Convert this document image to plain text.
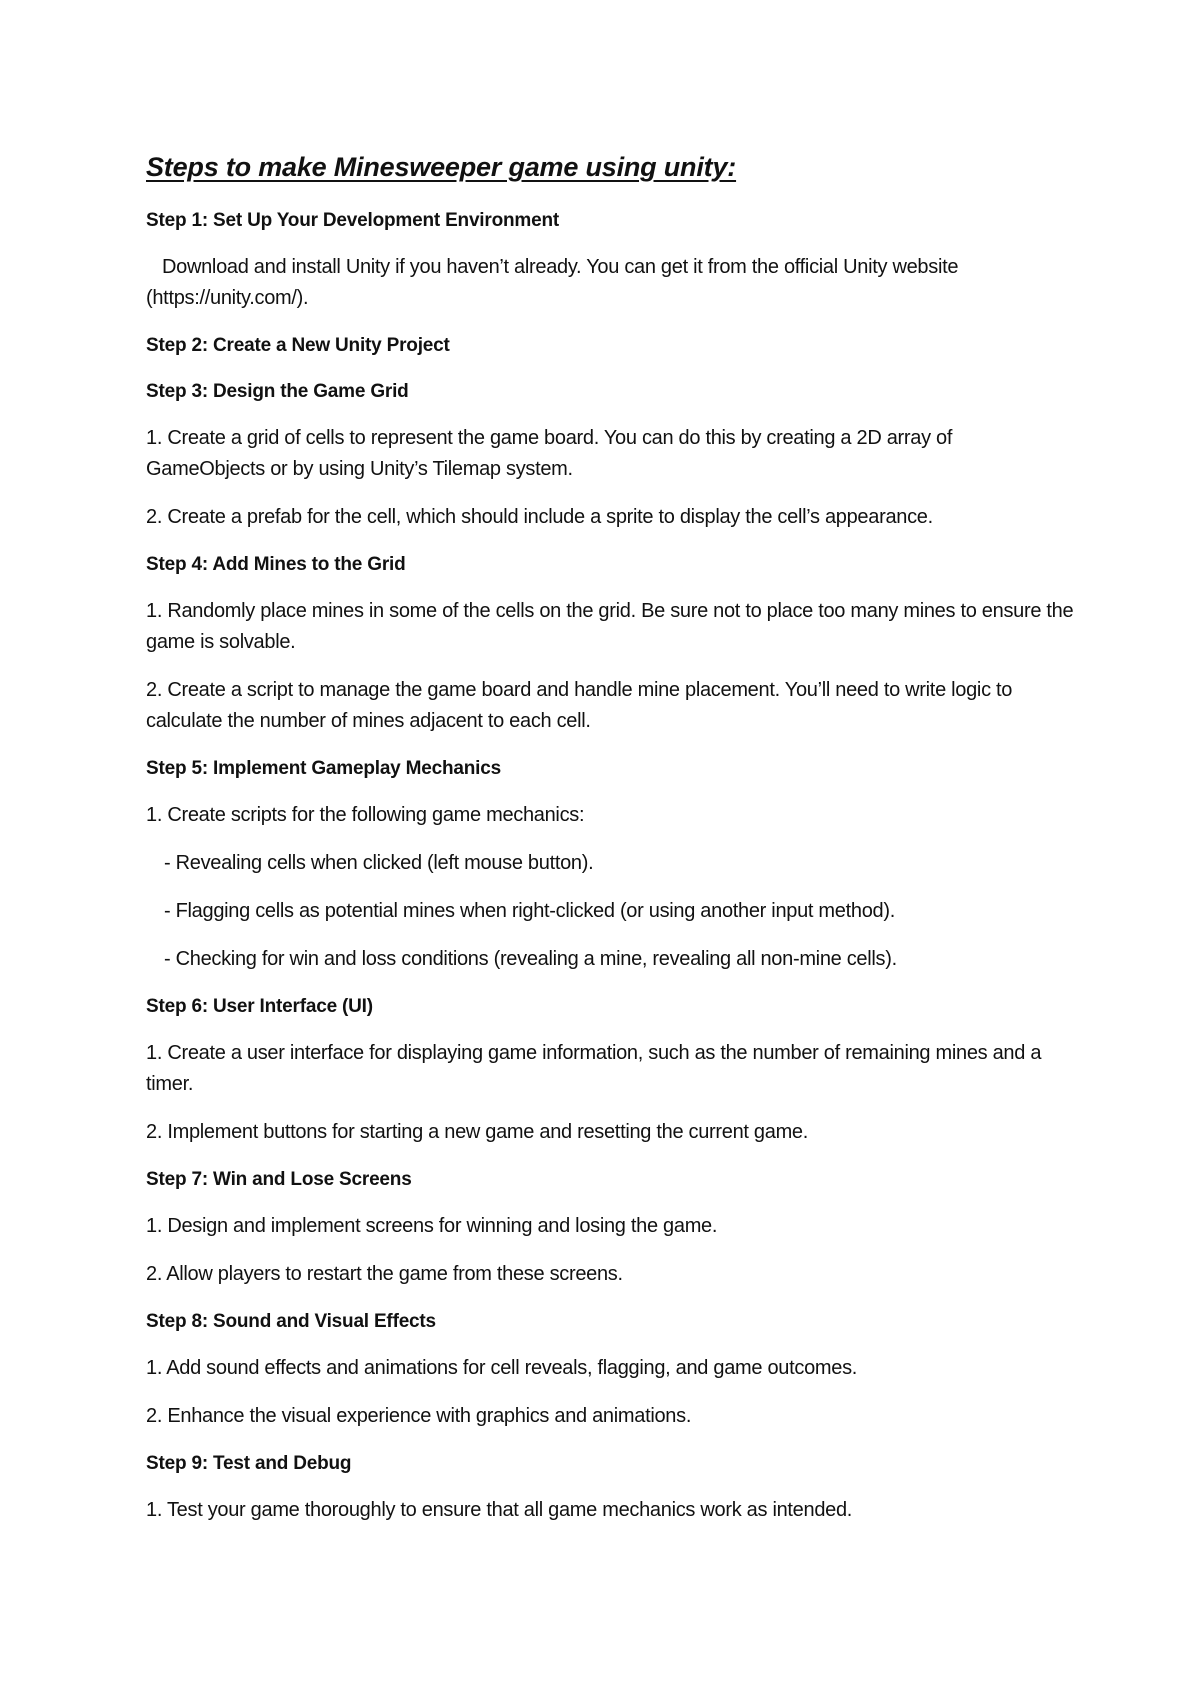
Steps to make Minesweeper game using unity:
Step 1: Set Up Your Development Environment
Download and install Unity if you haven’t already. You can get it from the official Unity website (https://unity.com/).
Step 2: Create a New Unity Project
Step 3: Design the Game Grid
1. Create a grid of cells to represent the game board. You can do this by creating a 2D array of GameObjects or by using Unity’s Tilemap system.
2. Create a prefab for the cell, which should include a sprite to display the cell’s appearance.
Step 4: Add Mines to the Grid
1. Randomly place mines in some of the cells on the grid. Be sure not to place too many mines to ensure the game is solvable.
2. Create a script to manage the game board and handle mine placement. You’ll need to write logic to calculate the number of mines adjacent to each cell.
Step 5: Implement Gameplay Mechanics
1. Create scripts for the following game mechanics:
- Revealing cells when clicked (left mouse button).
- Flagging cells as potential mines when right-clicked (or using another input method).
- Checking for win and loss conditions (revealing a mine, revealing all non-mine cells).
Step 6: User Interface (UI)
1. Create a user interface for displaying game information, such as the number of remaining mines and a timer.
2. Implement buttons for starting a new game and resetting the current game.
Step 7: Win and Lose Screens
1. Design and implement screens for winning and losing the game.
2. Allow players to restart the game from these screens.
Step 8: Sound and Visual Effects
1. Add sound effects and animations for cell reveals, flagging, and game outcomes.
2. Enhance the visual experience with graphics and animations.
Step 9: Test and Debug
1. Test your game thoroughly to ensure that all game mechanics work as intended.
